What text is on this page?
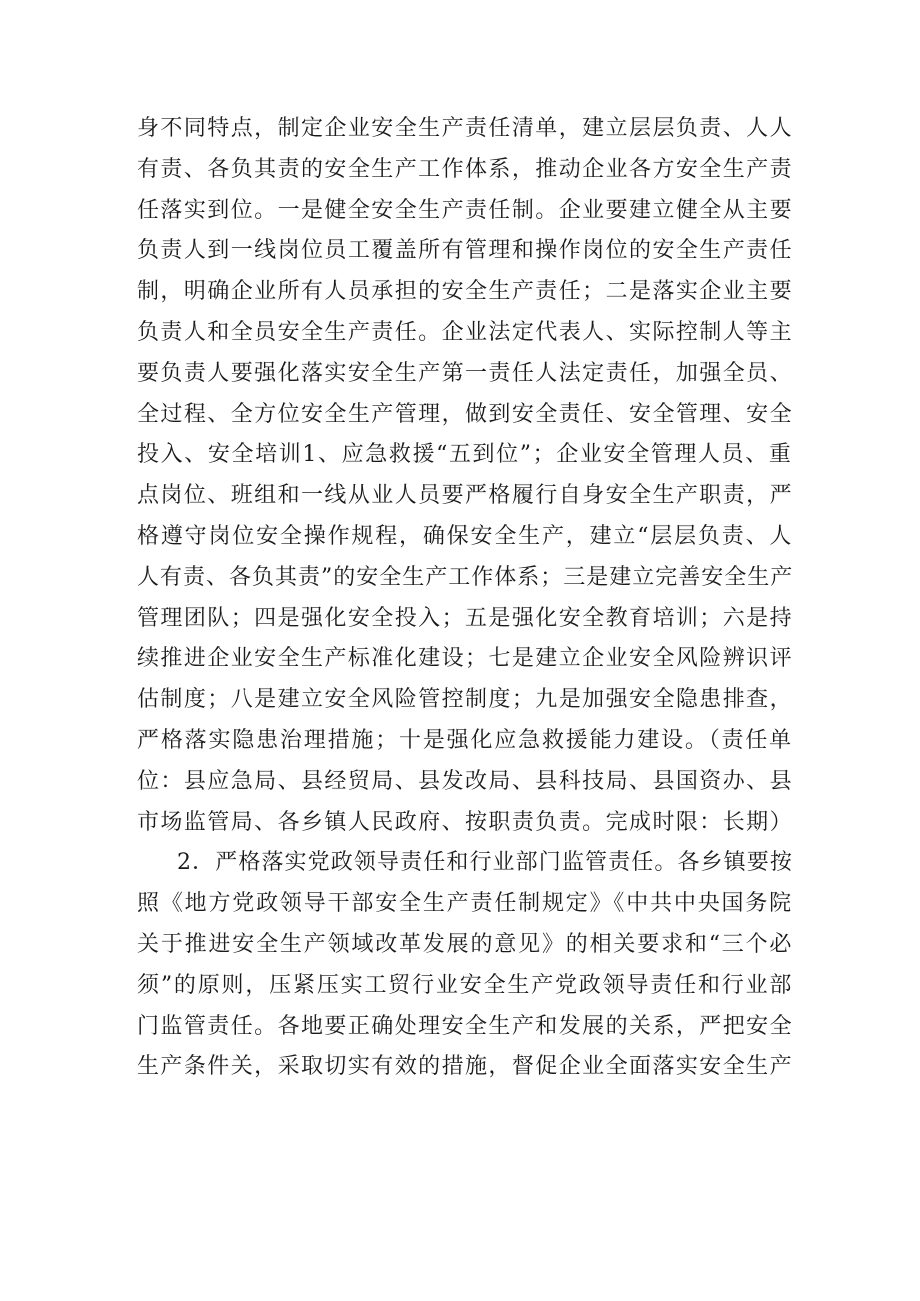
身不同特点，制定企业安全生产责任清单，建立层层负责、人人
有责、各负其责的安全生产工作体系，推动企业各方安全生产责
任落实到位。一是健全安全生产责任制。企业要建立健全从主要
负责人到一线岗位员工覆盖所有管理和操作岗位的安全生产责任
制，明确企业所有人员承担的安全生产责任；二是落实企业主要
负责人和全员安全生产责任。企业法定代表人、实际控制人等主
要负责人要强化落实安全生产第一责任人法定责任，加强全员、
全过程、全方位安全生产管理，做到安全责任、安全管理、安全
投入、安全培训1、应急救援“五到位”；企业安全管理人员、重
点岗位、班组和一线从业人员要严格履行自身安全生产职责，严
格遵守岗位安全操作规程，确保安全生产，建立“层层负责、人
人有责、各负其责”的安全生产工作体系；三是建立完善安全生产
管理团队；四是强化安全投入；五是强化安全教育培训；六是持
续推进企业安全生产标准化建设；七是建立企业安全风险辨识评
估制度；八是建立安全风险管控制度；九是加强安全隐患排查，
严格落实隐患治理措施；十是强化应急救援能力建设。（责任单
位：县应急局、县经贸局、县发改局、县科技局、县国资办、县
市场监管局、各乡镇人民政府、按职责负责。完成时限：长期）
2．严格落实党政领导责任和行业部门监管责任。各乡镇要按
照《地方党政领导干部安全生产责任制规定》《中共中央国务院
关于推进安全生产领域改革发展的意见》的相关要求和“三个必
须”的原则，压紧压实工贸行业安全生产党政领导责任和行业部
门监管责任。各地要正确处理安全生产和发展的关系，严把安全
生产条件关，采取切实有效的措施，督促企业全面落实安全生产
